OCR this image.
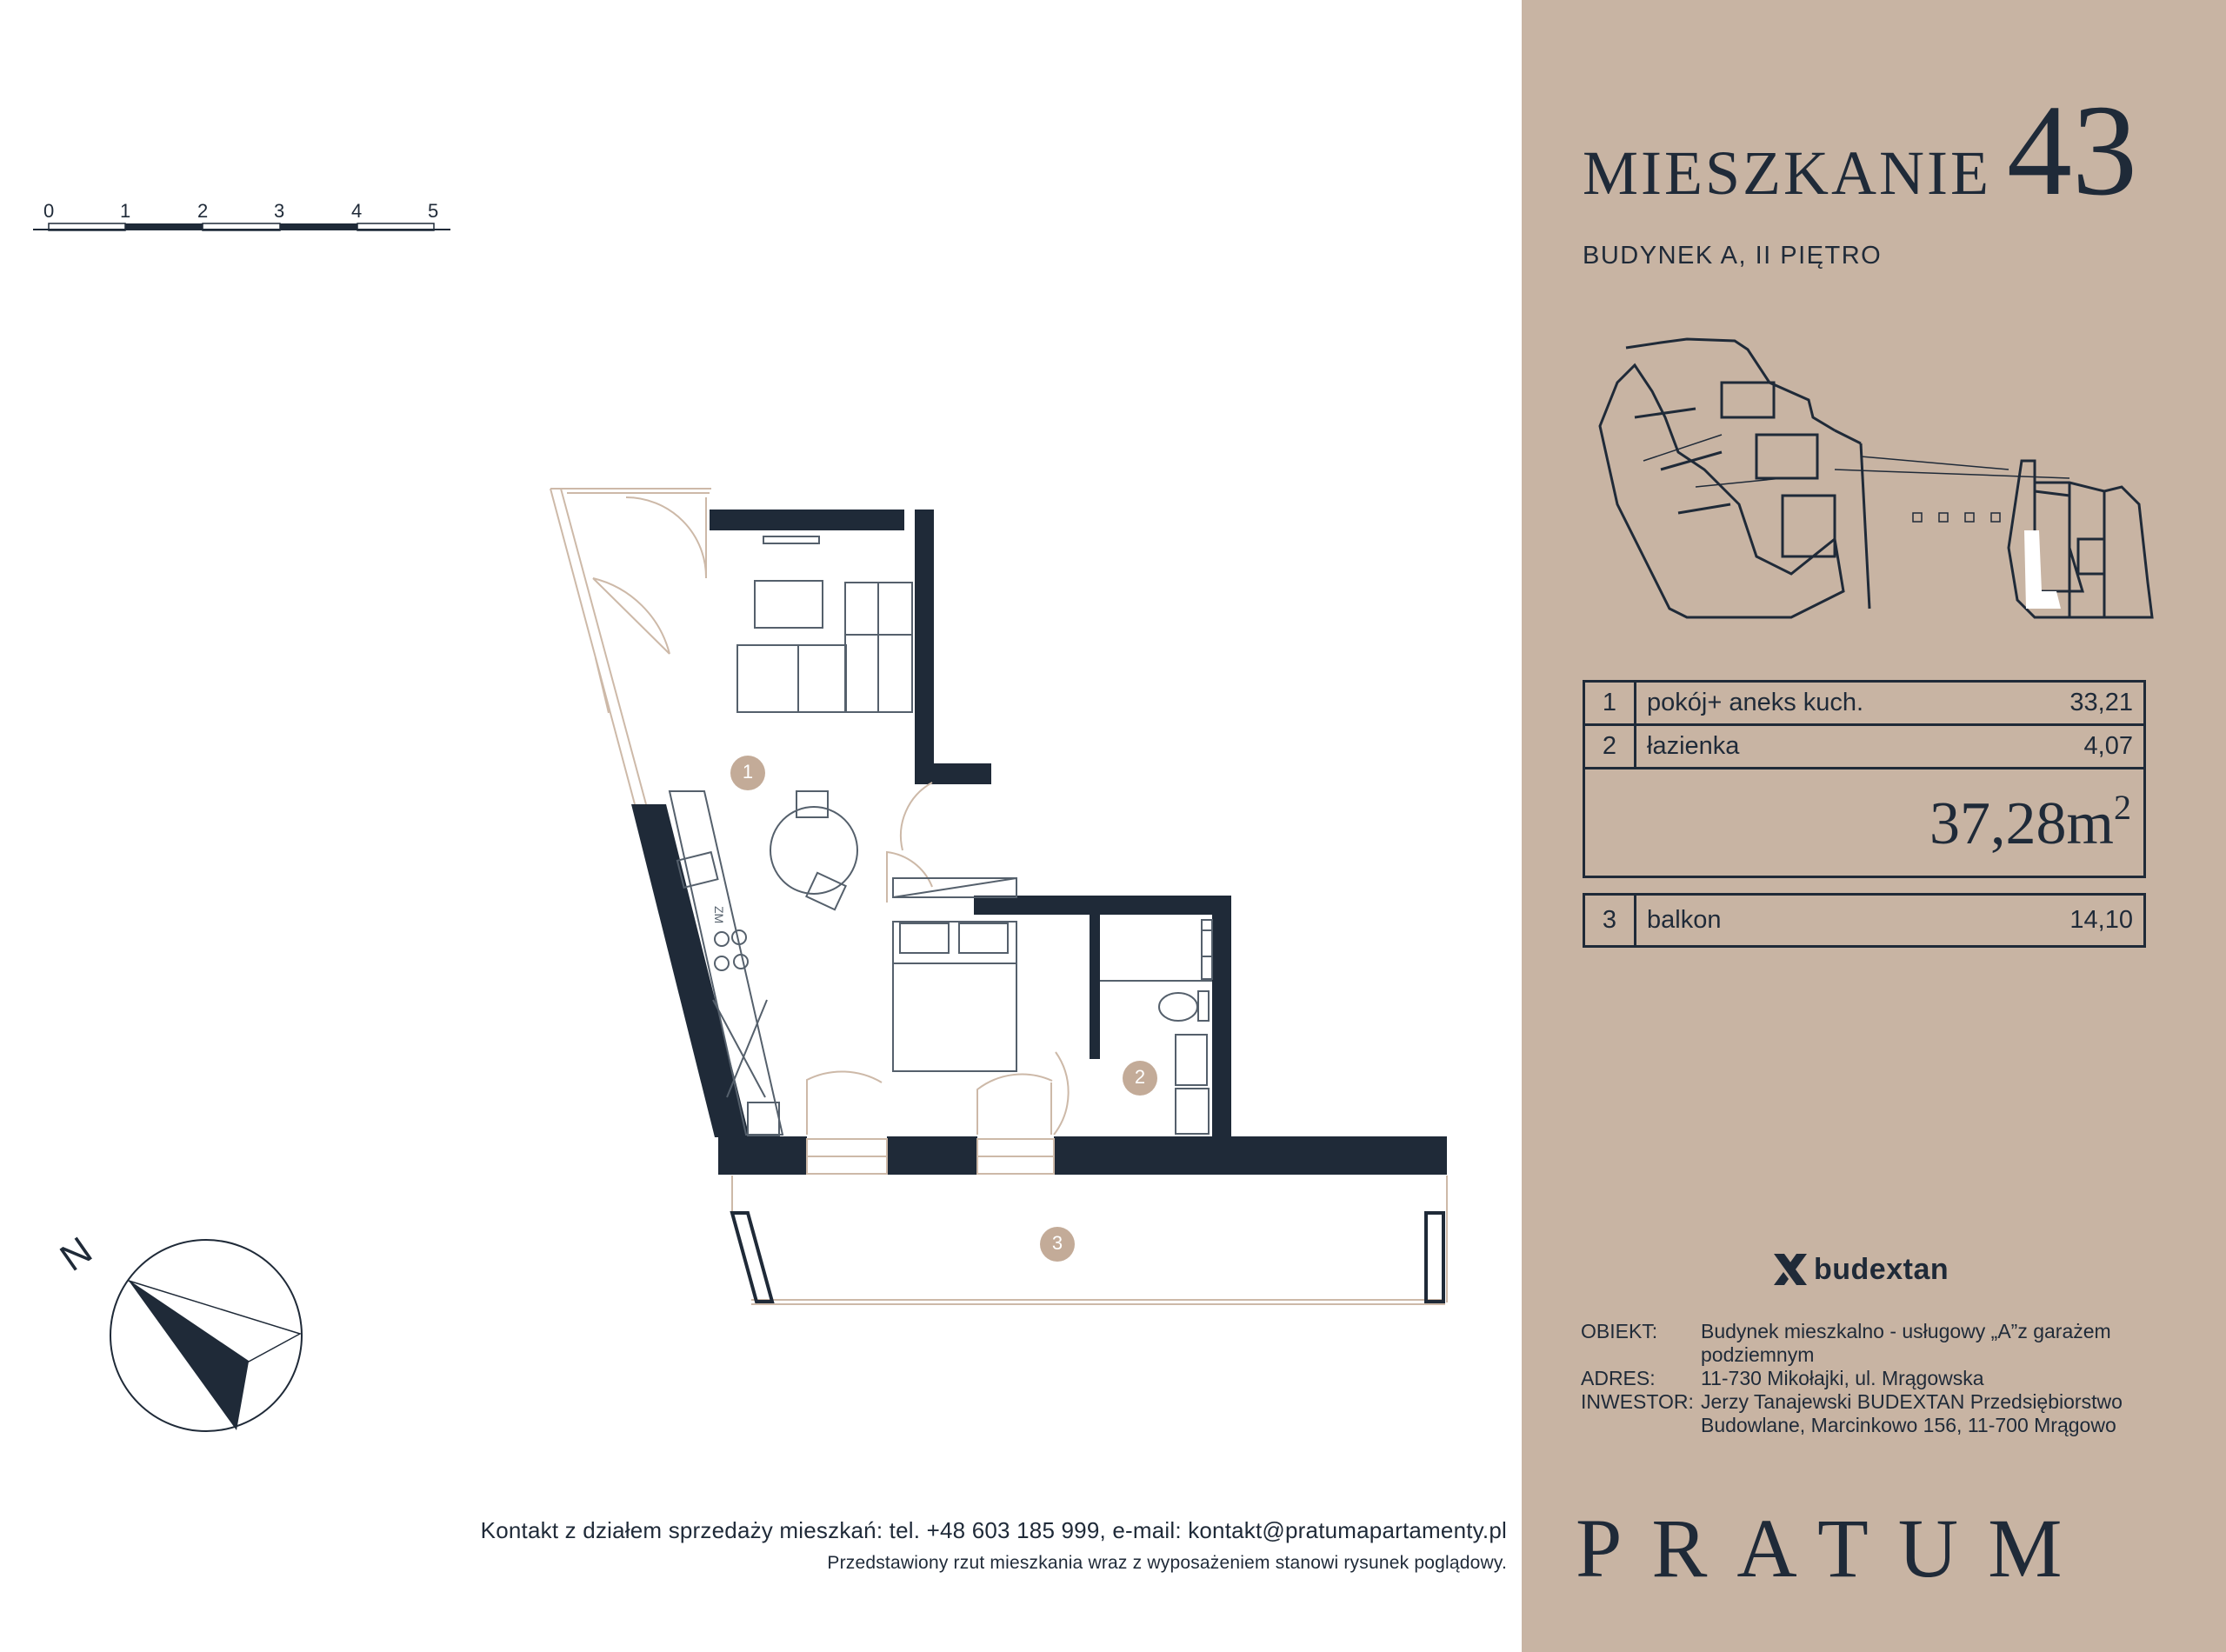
0	1	2	3	4	5
ZM
1
2
3
N
Kontakt z działem sprzedaży mieszkań: tel. +48 603 185 999, e-mail: kontakt@pratumapartamenty.pl
Przedstawiony rzut mieszkania wraz z wyposażeniem stanowi rysunek poglądowy.
MIESZKANIE 43
BUDYNEK A, II PIĘTRO
1	pokój+ aneks kuch.	33,21
2	łazienka	4,07
$37,28m^2$
3	balkon	14,10
budextan
OBIEKT:	Budynek mieszkalno - usługowy „A”z garażem podziemnym
ADRES:	11-730 Mikołajki, ul. Mrągowska
INWESTOR: Jerzy Tanajewski BUDEXTAN Przedsiębiorstwo Budowlane, Marcinkowo 156, 11-700 Mrągowo
PRATUM
